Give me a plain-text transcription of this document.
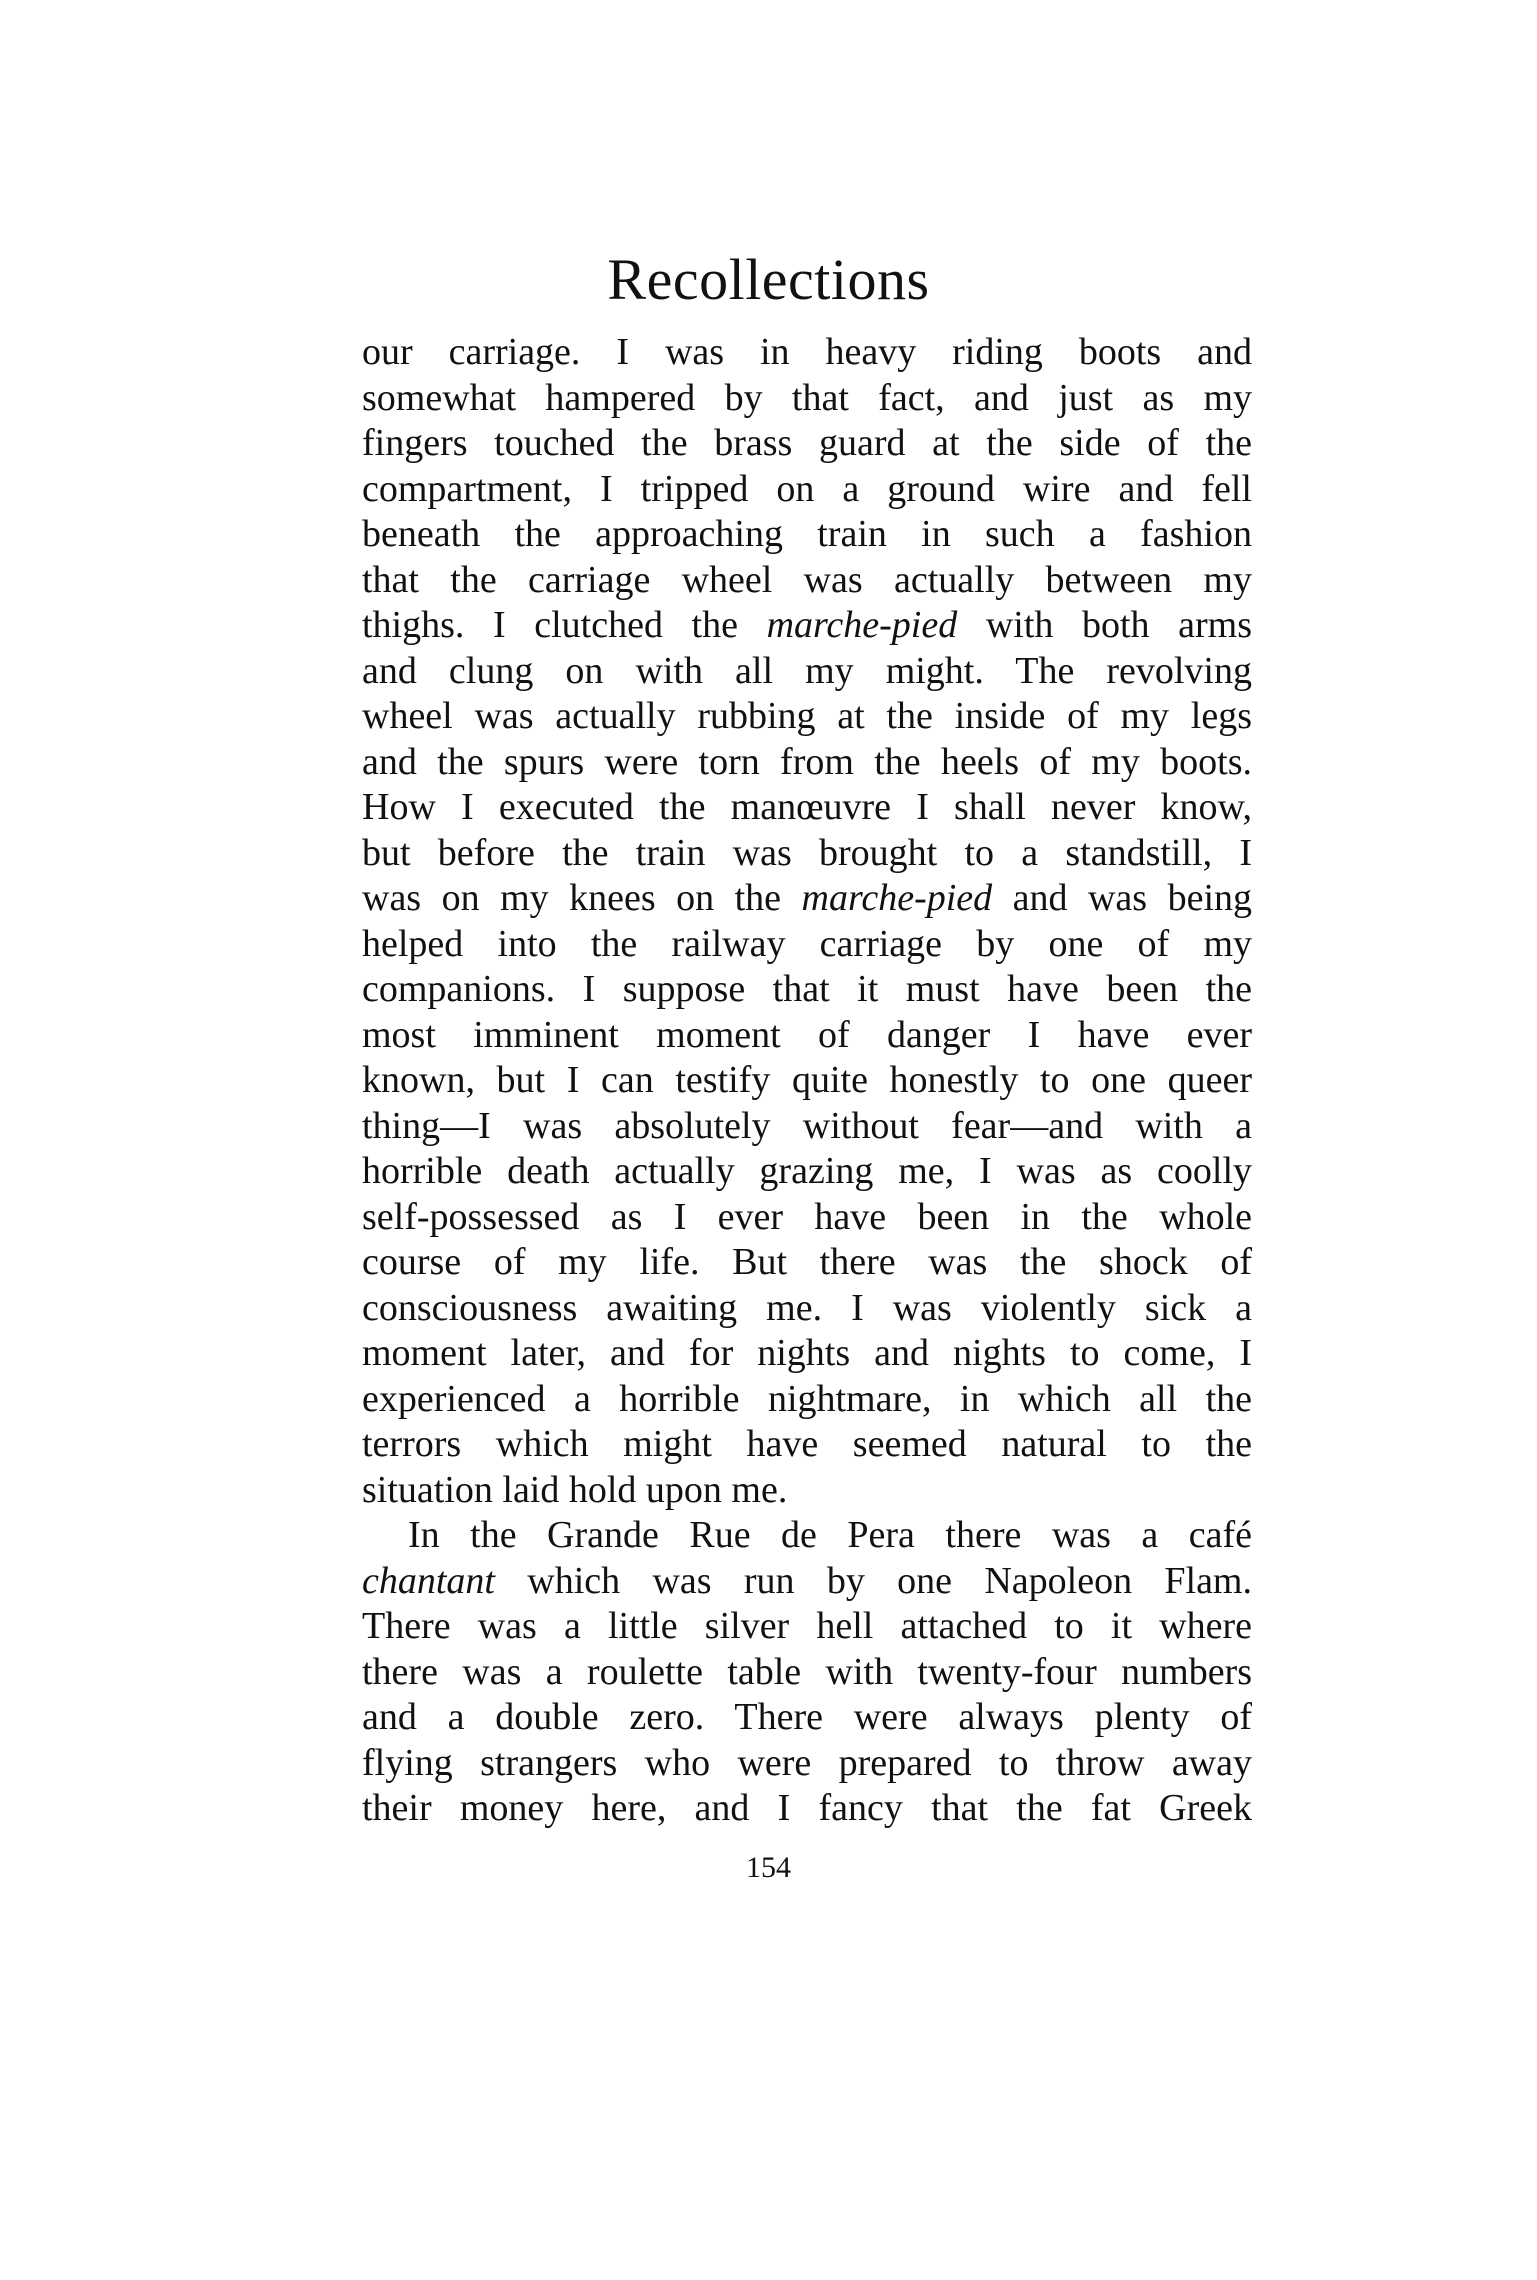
Recollections
our carriage. I was in heavy riding boots and
somewhat hampered by that fact, and just as my
fingers touched the brass guard at the side of the
compartment, I tripped on a ground wire and fell
beneath the approaching train in such a fashion
that the carriage wheel was actually between my
thighs. I clutched the marche-pied with both arms
and clung on with all my might. The revolving
wheel was actually rubbing at the inside of my legs
and the spurs were torn from the heels of my boots.
How I executed the manœuvre I shall never know,
but before the train was brought to a standstill, I
was on my knees on the marche-pied and was being
helped into the railway carriage by one of my
companions. I suppose that it must have been the
most imminent moment of danger I have ever
known, but I can testify quite honestly to one queer
thing—I was absolutely without fear—and with a
horrible death actually grazing me, I was as coolly
self-possessed as I ever have been in the whole
course of my life. But there was the shock of
consciousness awaiting me. I was violently sick a
moment later, and for nights and nights to come, I
experienced a horrible nightmare, in which all the
terrors which might have seemed natural to the
situation laid hold upon me.
In the Grande Rue de Pera there was a café
chantant which was run by one Napoleon Flam.
There was a little silver hell attached to it where
there was a roulette table with twenty-four numbers
and a double zero. There were always plenty of
flying strangers who were prepared to throw away
their money here, and I fancy that the fat Greek
154
